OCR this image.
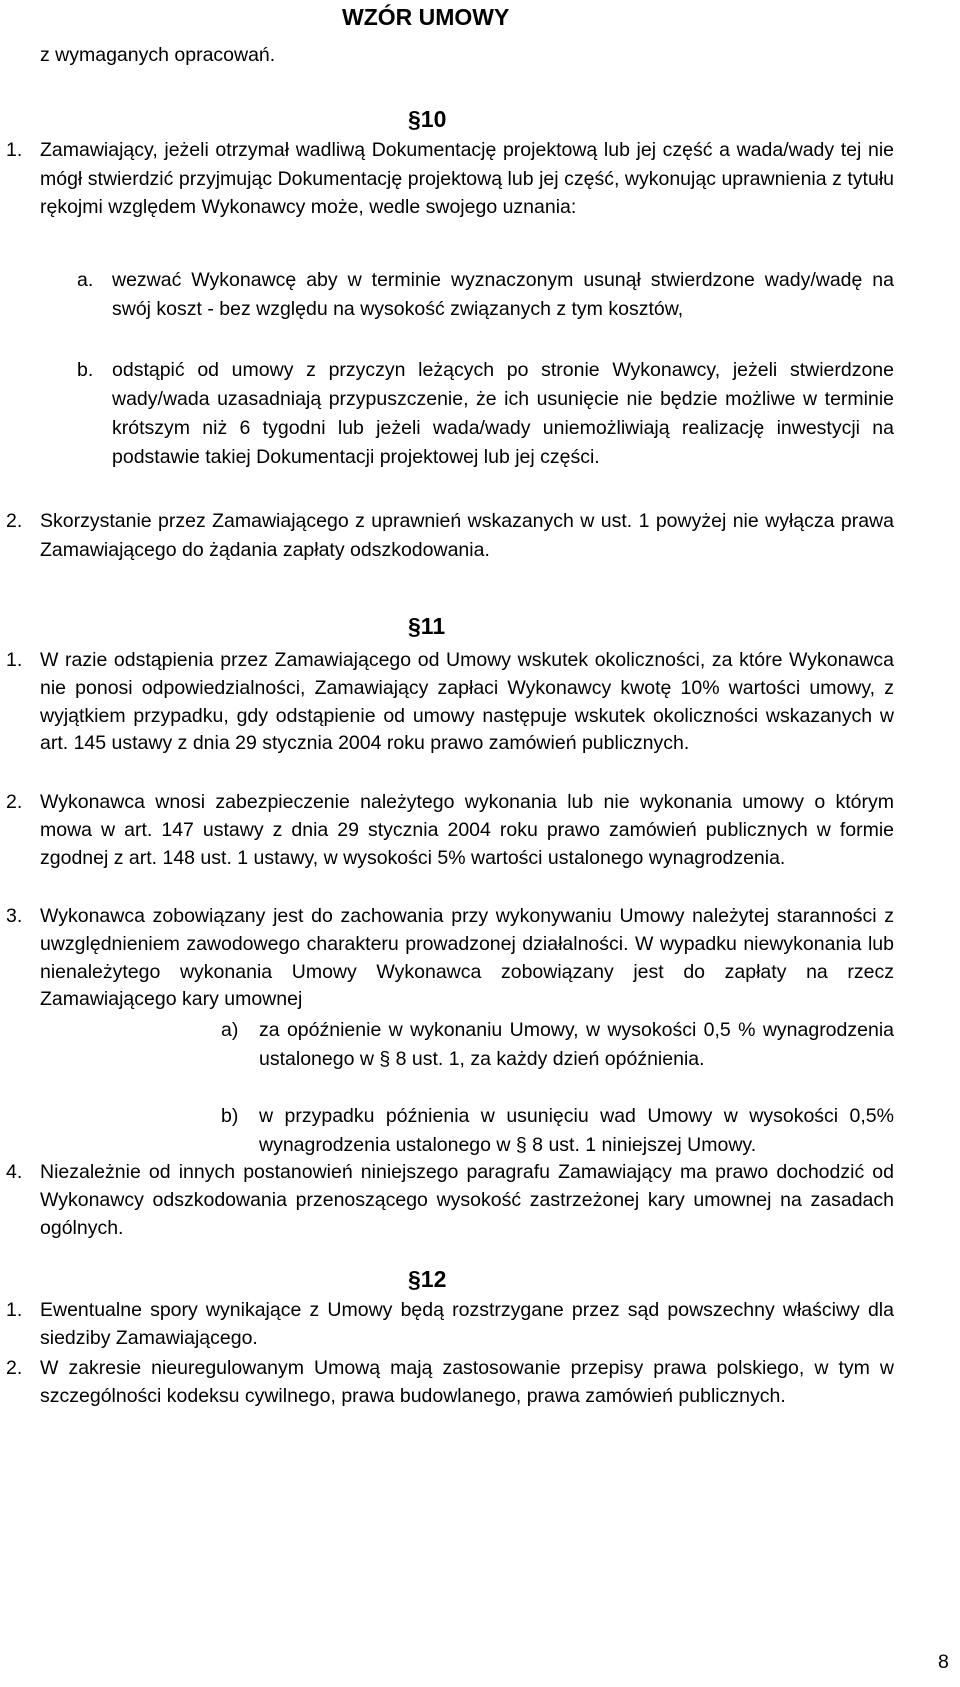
WZÓR UMOWY
z wymaganych opracowań.
§10
1. Zamawiający, jeżeli otrzymał wadliwą Dokumentację projektową lub jej część a wada/wady tej nie mógł stwierdzić przyjmując Dokumentację projektową lub jej część, wykonując uprawnienia z tytułu rękojmi względem Wykonawcy może, wedle swojego uznania:
a. wezwać Wykonawcę aby w terminie wyznaczonym usunął stwierdzone wady/wadę na swój koszt - bez względu na wysokość związanych z tym kosztów,
b. odstąpić od umowy z przyczyn leżących po stronie Wykonawcy, jeżeli stwierdzone wady/wada uzasadniają przypuszczenie, że ich usunięcie nie będzie możliwe w terminie krótszym niż 6 tygodni lub jeżeli wada/wady uniemożliwiają realizację inwestycji na podstawie takiej Dokumentacji projektowej lub jej części.
2. Skorzystanie przez Zamawiającego z uprawnień wskazanych w ust. 1 powyżej nie wyłącza prawa Zamawiającego do żądania zapłaty odszkodowania.
§11
1. W razie odstąpienia przez Zamawiającego od Umowy wskutek okoliczności, za które Wykonawca nie ponosi odpowiedzialności, Zamawiający zapłaci Wykonawcy kwotę 10% wartości umowy, z wyjątkiem przypadku, gdy odstąpienie od umowy następuje wskutek okoliczności wskazanych w art. 145 ustawy z dnia 29 stycznia 2004 roku prawo zamówień publicznych.
2. Wykonawca wnosi zabezpieczenie należytego wykonania lub nie wykonania umowy o którym mowa w art. 147 ustawy z dnia 29 stycznia 2004 roku prawo zamówień publicznych w formie zgodnej z art. 148 ust. 1 ustawy, w wysokości 5% wartości ustalonego wynagrodzenia.
3. Wykonawca zobowiązany jest do zachowania przy wykonywaniu Umowy należytej staranności z uwzględnieniem zawodowego charakteru prowadzonej działalności. W wypadku niewykonania lub nienależytego wykonania Umowy Wykonawca zobowiązany jest do zapłaty na rzecz Zamawiającego kary umownej
a) za opóźnienie w wykonaniu Umowy, w wysokości 0,5 % wynagrodzenia ustalonego w § 8 ust. 1, za każdy dzień opóźnienia.
b) w przypadku późnienia w usunięciu wad Umowy w wysokości 0,5% wynagrodzenia ustalonego w § 8 ust. 1 niniejszej Umowy.
4. Niezależnie od innych postanowień niniejszego paragrafu Zamawiający ma prawo dochodzić od Wykonawcy odszkodowania przenoszącego wysokość zastrzeżonej kary umownej na zasadach ogólnych.
§12
1. Ewentualne spory wynikające z Umowy będą rozstrzygane przez sąd powszechny właściwy dla siedziby Zamawiającego.
2. W zakresie nieuregulowanym Umową mają zastosowanie przepisy prawa polskiego, w tym w szczególności kodeksu cywilnego, prawa budowlanego, prawa zamówień publicznych.
8
